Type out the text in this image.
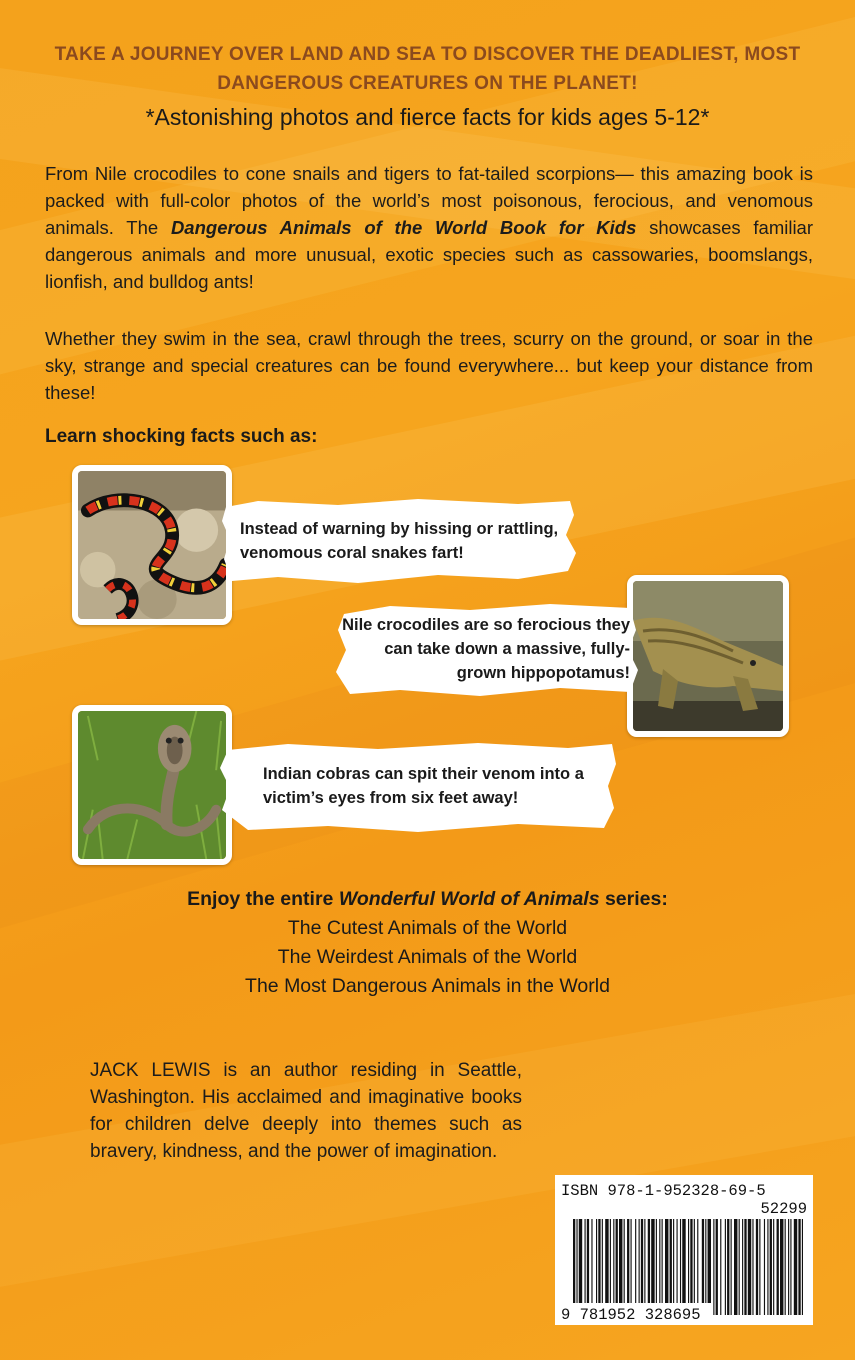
TAKE A JOURNEY OVER LAND AND SEA TO DISCOVER THE DEADLIEST, MOST DANGEROUS CREATURES ON THE PLANET!
*Astonishing photos and fierce facts for kids ages 5-12*

From Nile crocodiles to cone snails and tigers to fat-tailed scorpions— this amazing book is packed with full-color photos of the world’s most poisonous, ferocious, and venomous animals. The Dangerous Animals of the World Book for Kids showcases familiar dangerous animals and more unusual, exotic species such as cassowaries, boomslangs, lionfish, and bulldog ants!

Whether they swim in the sea, crawl through the trees, scurry on the ground, or soar in the sky, strange and special creatures can be found everywhere... but keep your distance from these!

Learn shocking facts such as:
Instead of warning by hissing or rattling, venomous coral snakes fart!
Nile crocodiles are so ferocious they can take down a massive, fully-grown hippopotamus!
Indian cobras can spit their venom into a victim’s eyes from six feet away!
Enjoy the entire Wonderful World of Animals series:
The Cutest Animals of the World
The Weirdest Animals of the World
The Most Dangerous Animals in the World

JACK LEWIS is an author residing in Seattle, Washington. His acclaimed and imaginative books for children delve deeply into themes such as bravery, kindness, and the power of imagination.

ISBN 978-1-952328-69-5
52299
9 781952 328695
